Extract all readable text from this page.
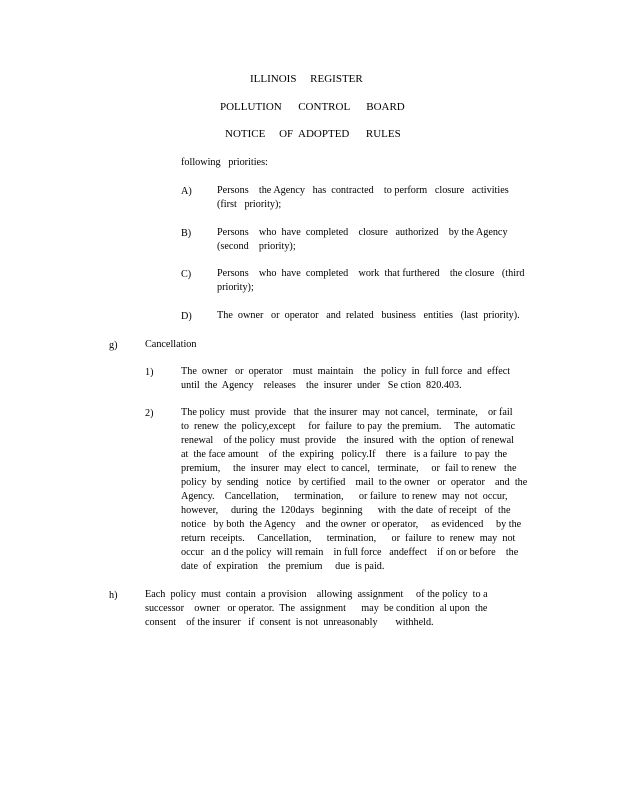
ILLINOIS     REGISTER
POLLUTION      CONTROL      BOARD
NOTICE     OF  ADOPTED      RULES
following   priorities:
A) Persons    the Agency   has  contracted    to perform   closure   activities
(first   priority);
B)	Persons    who  have  completed    closure   authorized    by the Agency
(second    priority);
C)	Persons    who  have  completed    work  that furthered    the closure   (third
priority);
D) The  owner   or  operator   and  related   business   entities   (last  priority).
g)	Cancellation
1)	The  owner   or  operator    must  maintain    the  policy  in  full force  and  effect
until  the  Agency    releases    the  insurer  under   Se ction  820.403.
2)	The policy  must  provide   that  the insurer  may  not cancel,   terminate,    or fail
to  renew  the  policy,except     for  failure  to pay  the premium.     The  automatic
renewal    of the policy  must  provide    the  insured  with  the  option  of renewal
at  the face amount    of  the  expiring   policy.If    there   is a failure   to pay  the
premium,     the  insurer  may  elect  to cancel,   terminate,     or  fail to renew   the
policy  by  sending   notice   by certified    mail  to the owner   or  operator    and  the
Agency.    Cancellation,      termination,      or failure  to renew  may  not  occur,
however,     during  the  120days   beginning      with  the date  of receipt   of  the
notice   by both  the Agency    and  the owner  or operator,     as evidenced     by the
return  receipts.     Cancellation,      termination,      or  failure  to  renew  may  not
occur   an d the policy  will remain    in full force   andeffect    if on or before    the
date  of  expiration    the  premium     due  is paid.
h)	Each  policy  must  contain  a provision    allowing  assignment     of the policy  to a
successor    owner   or operator.  The  assignment      may  be condition  al upon  the
consent    of the insurer   if  consent  is not  unreasonably       withheld.
